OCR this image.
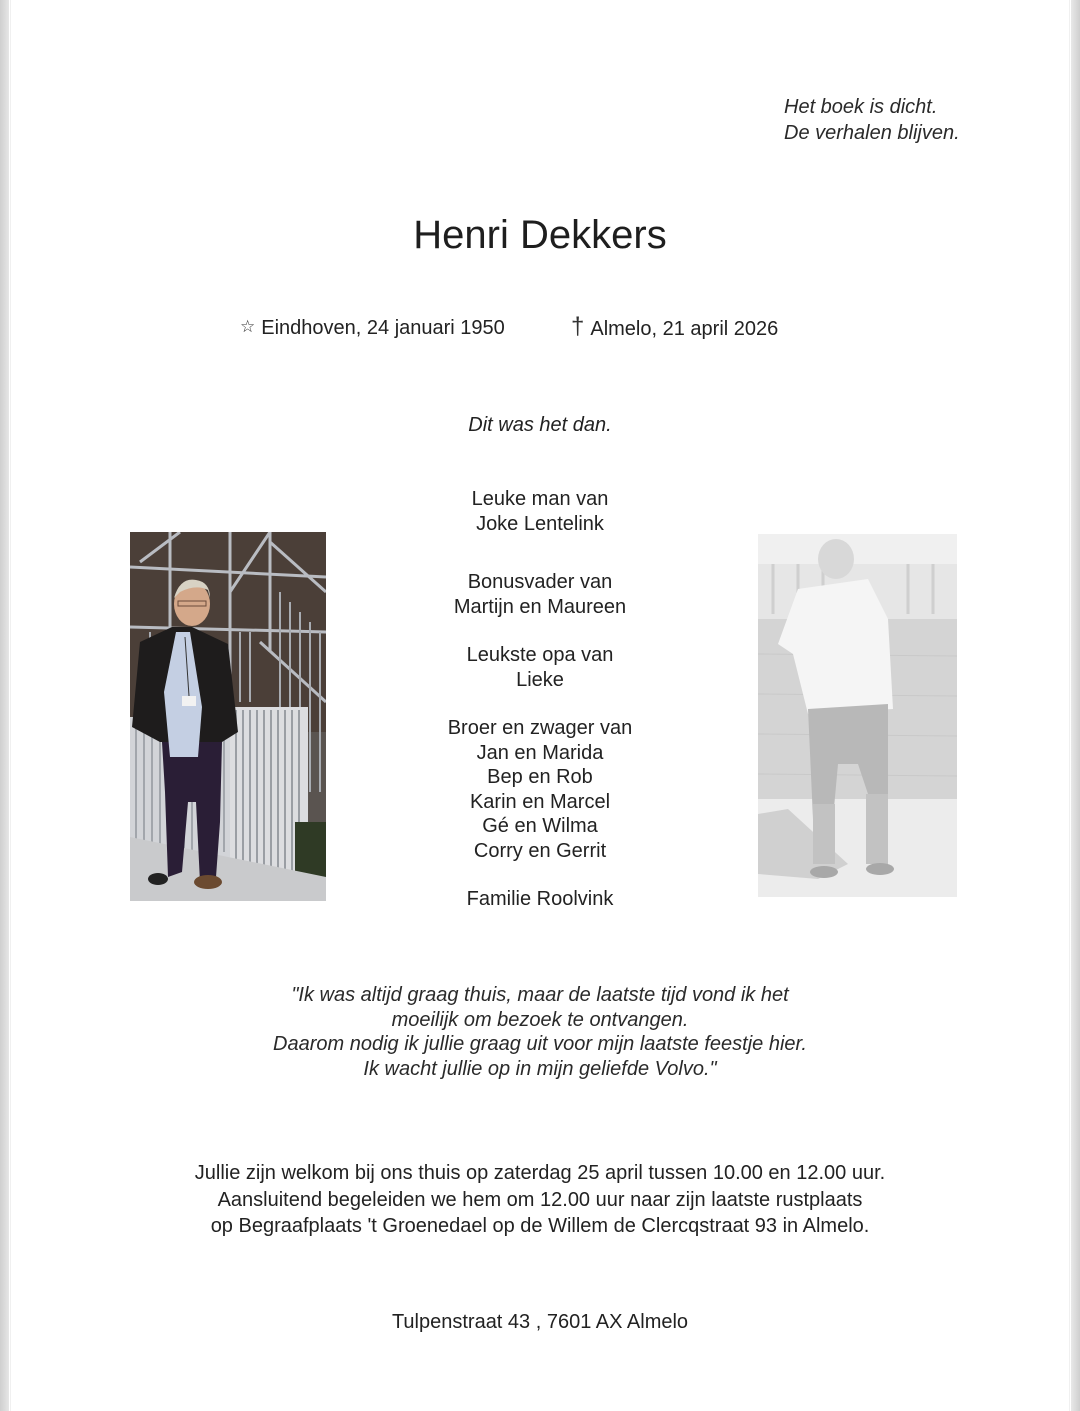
Het boek is dicht.
De verhalen blijven.
Henri Dekkers
☆ Eindhoven, 24 januari 1950	† Almelo, 21 april 2026
Dit was het dan.
Leuke man van
Joke Lentelink
Bonusvader van
Martijn en Maureen
Leukste opa van
Lieke
Broer en zwager van
Jan en Marida
Bep en Rob
Karin en Marcel
Gé en Wilma
Corry en Gerrit
Familie Roolvink
"Ik was altijd graag thuis, maar de laatste tijd vond ik het
moeilijk om bezoek te ontvangen.
Daarom nodig ik jullie graag uit voor mijn laatste feestje hier.
Ik wacht jullie op in mijn geliefde Volvo."
Jullie zijn welkom bij ons thuis op zaterdag 25 april tussen 10.00 en 12.00 uur.
Aansluitend begeleiden we hem om 12.00 uur naar zijn laatste rustplaats
op Begraafplaats 't Groenedael op de Willem de Clercqstraat 93 in Almelo.
Tulpenstraat 43 , 7601 AX Almelo
